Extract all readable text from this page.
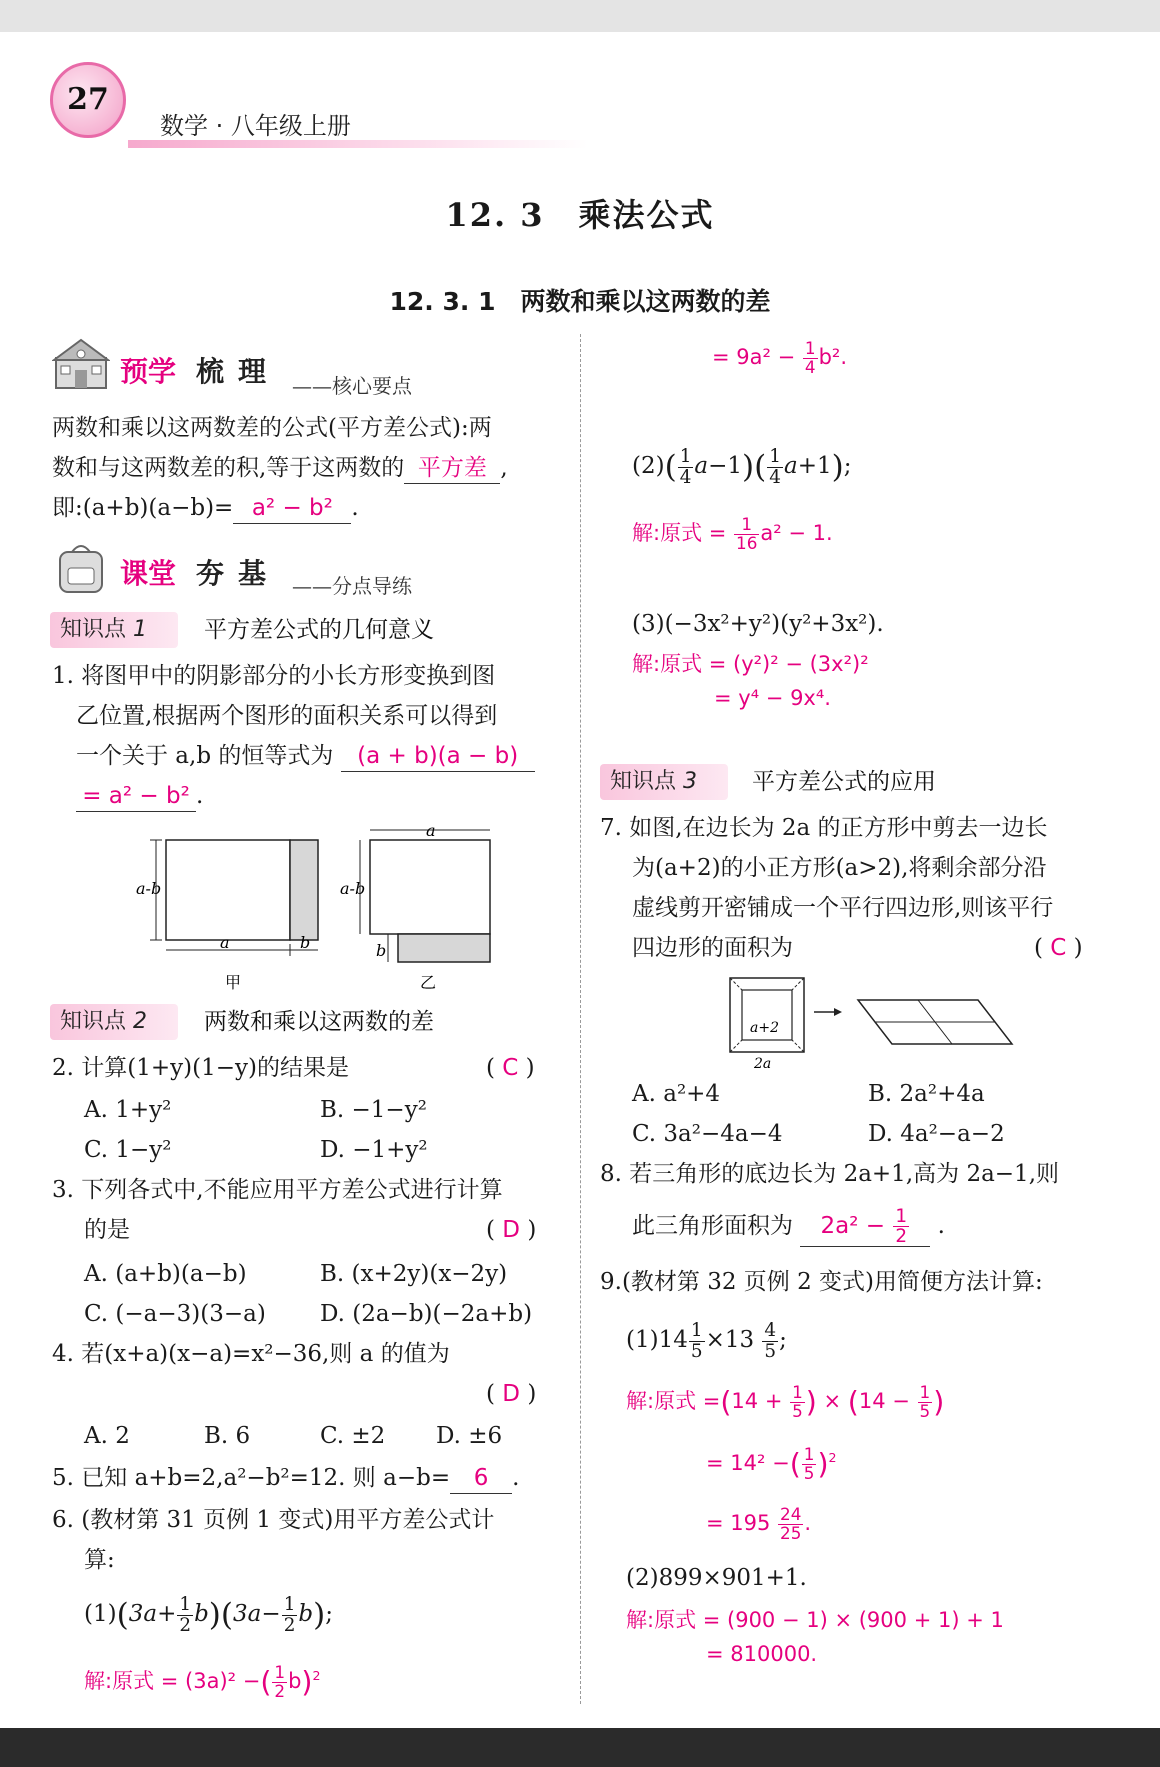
27
数学 · 八年级上册
12. 3　乘法公式
12. 3. 1　两数和乘以这两数的差
预学 梳 理 ——核心要点
两数和乘以这两数差的公式(平方差公式):两
数和与这两数差的积,等于这两数的 平方差 ,
即:(a+b)(a−b)= a² − b² .
课堂 夯 基 ——分点导练
知识点 1 平方差公式的几何意义
1. 将图甲中的阴影部分的小长方形变换到图
乙位置,根据两个图形的面积关系可以得到
一个关于 a,b 的恒等式为 (a + b)(a − b)
= a² − b² .
a-b
a	b
甲
a
a-b
b
乙
知识点 2 两数和乘以这两数的差
2. 计算(1+y)(1−y)的结果是	( C )
A. 1+y²	B. −1−y²
C. 1−y²	D. −1+y²
3. 下列各式中,不能应用平方差公式进行计算
的是	( D )
A. (a+b)(a−b)	B. (x+2y)(x−2y)
C. (−a−3)(3−a) D. (2a−b)(−2a+b)
4. 若(x+a)(x−a)=x²−36,则 a 的值为
( D )
A. 2	B. 6	C. ±2 D. ±6
5. 已知 a+b=2,a²−b²=12. 则 a−b= 6 .
6. (教材第 31 页例 1 变式)用平方差公式计
算:
$(1)(3a+ \frac{1}{2} b)(3a- \frac{1}{2} b)$;
解:原式 = (3a)² −( $\frac{1}{2} b)^2$
= $9a^2 - \frac{1}{4} b^2$.
$(2)( \frac{1}{4} a-1)( \frac{1}{4} a+1)$;
解:原式 = $\frac{1}{16} a^2 - 1$.
(3)(−3x²+y²)(y²+3x²).
解:原式 = (y²)² − (3x²)²
= y⁴ − 9x⁴.
知识点 3 平方差公式的应用
7. 如图,在边长为 2a 的正方形中剪去一边长
为(a+2)的小正方形(a>2),将剩余部分沿
虚线剪开密铺成一个平行四边形,则该平行
四边形的面积为	( C )
a+2
2a
A. a²+4	B. 2a²+4a
C. 3a²−4a−4	D. 4a²−a−2
8. 若三角形的底边长为 2a+1,高为 2a−1,则
此三角形面积为 $2a^2 - \frac{1}{2}$ .
9.(教材第 32 页例 2 变式)用简便方法计算:
$(1)14 \frac{1}{5} \times 13 \frac{4}{5}$ ;
解:原式 $=(14 + \frac{1}{5}$ ) × ($14 - \frac{1}{5}$ )
= 14² −( $\frac{1}{5} )^2$
= $195 \frac{24}{25}$ .
(2)899×901+1.
解:原式 = (900 − 1) × (900 + 1) + 1
= 810000.
